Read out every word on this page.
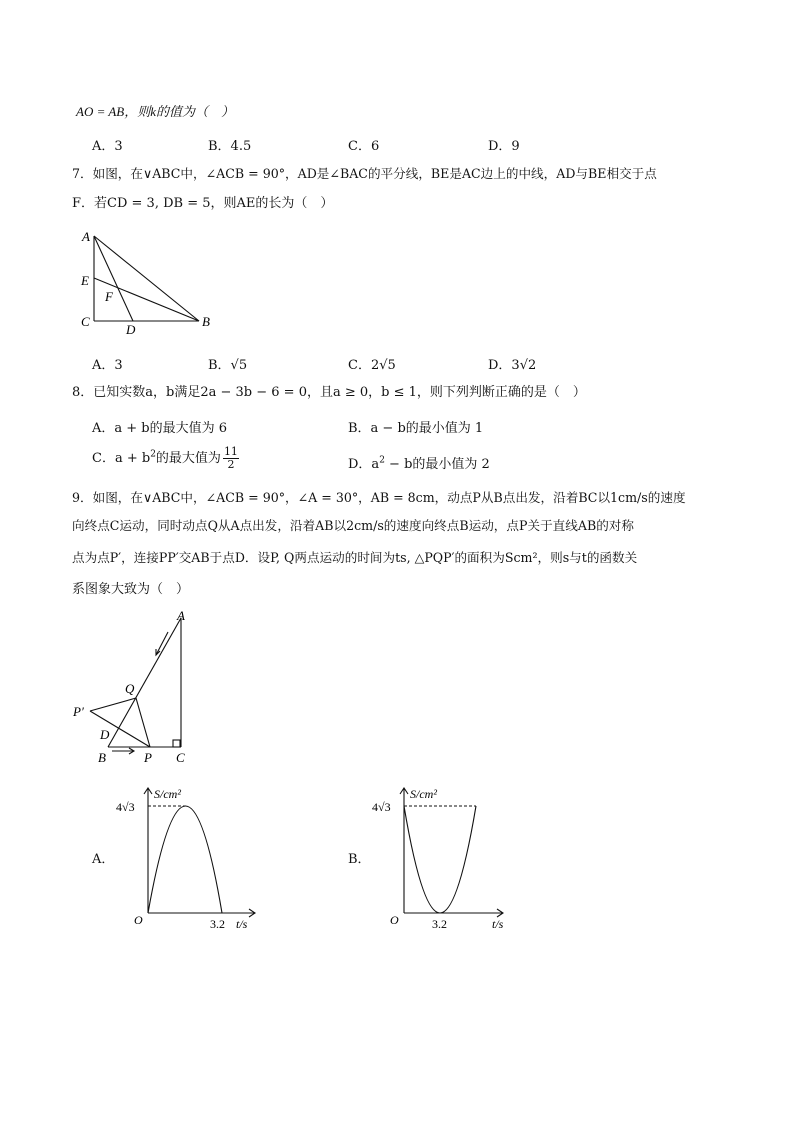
AO = AB，则k的值为（　）
A．3	B．4.5	C．6	D．9
7．如图，在∨ABC中，∠ACB = 90°，AD是∠BAC的平分线，BE是AC边上的中线，AD与BE相交于点
F．若CD = 3, DB = 5，则AE的长为（　）
A
E
F
C
D
B
A．3	B．√5	C．2√5	D．3√2
8．已知实数a，b满足2a − 3b − 6 = 0，且a ≥ 0，b ≤ 1，则下列判断正确的是（　）
A．a + b的最大值为 6	B．a − b的最小值为 1
C．$a + b^2$的最大值为 $\frac{11}{2}$	D．$a^2 - b$的最小值为 2
9．如图，在∨ABC中，∠ACB = 90°，∠A = 30°，AB = 8cm，动点P从B点出发，沿着BC以1cm/s的速度
向终点C运动，同时动点Q从A点出发，沿着AB以2cm/s的速度向终点B运动，点P关于直线AB的对称
点为点P′，连接PP′交AB于点D．设P, Q两点运动的时间为ts, △PQP′的面积为Scm²，则s与t的函数关
系图象大致为（　）
A
Q
P′
D
B	P C
A．
S/cm²
4√3
O	3.2 t/s
B．
S/cm²
4√3
O	3.2	t/s
